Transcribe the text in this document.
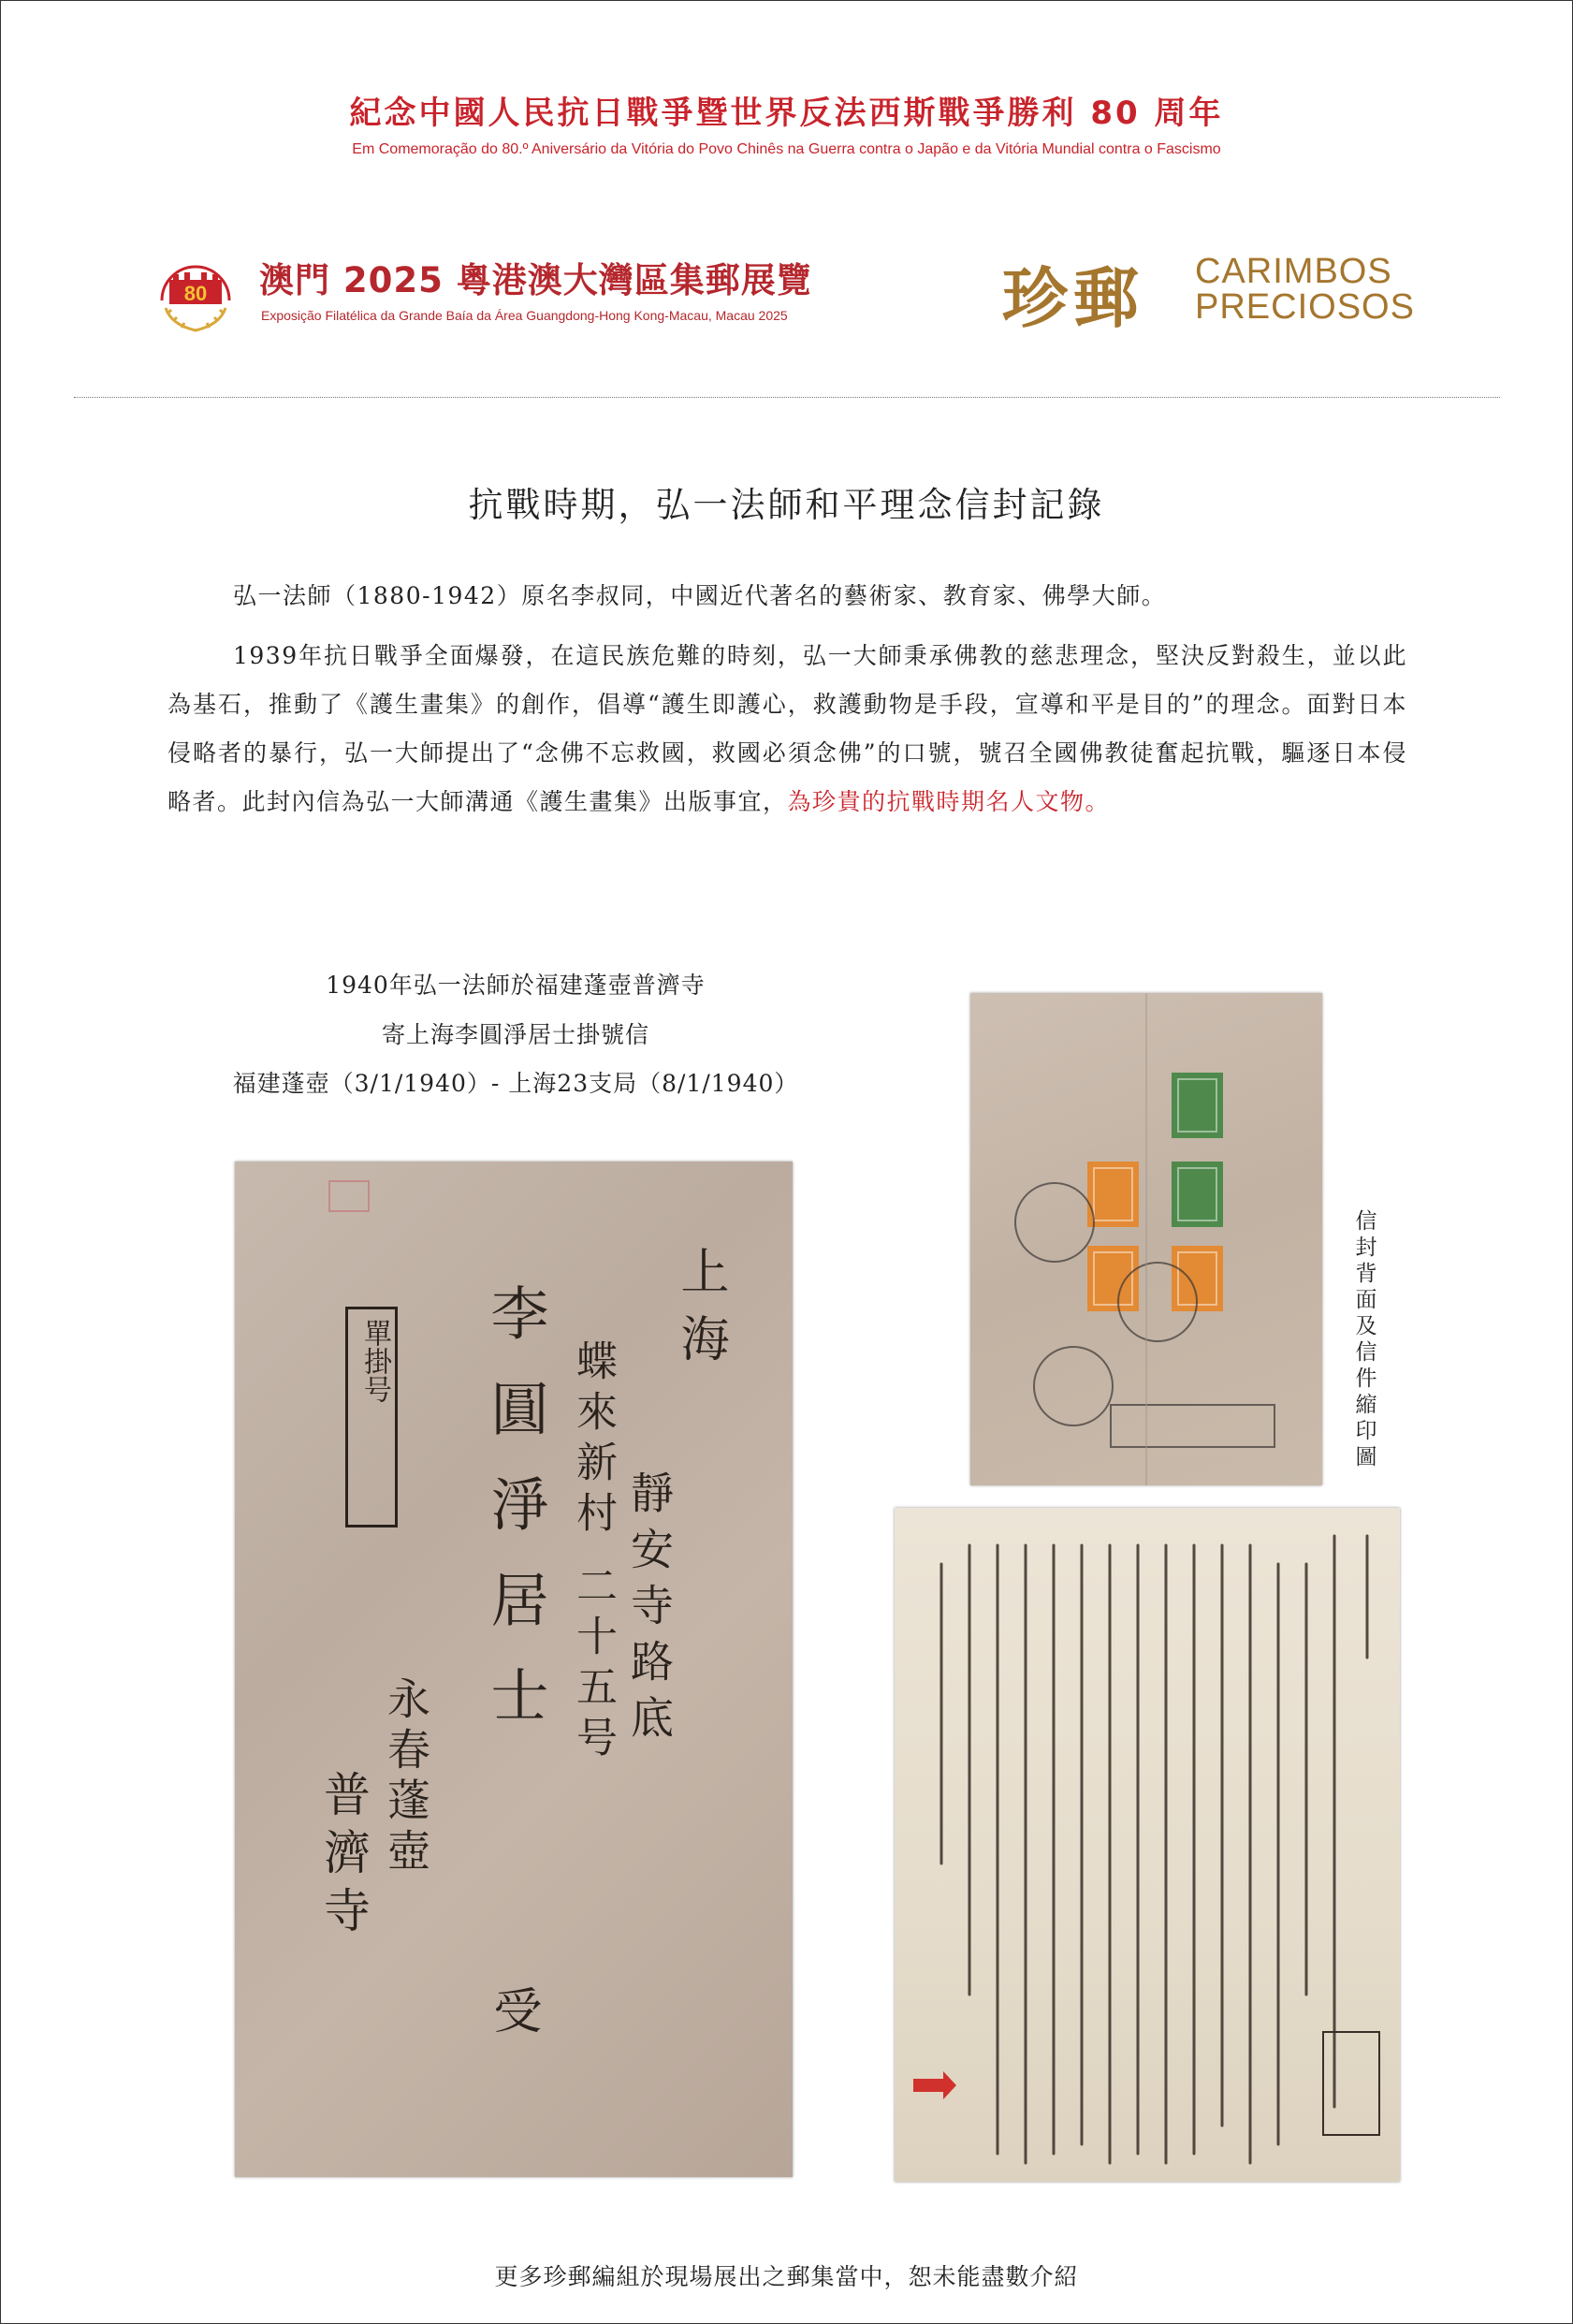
紀念中國人民抗日戰爭暨世界反法西斯戰爭勝利 80 周年
Em Comemoração do 80.º Aniversário da Vitória do Povo Chinês na Guerra contra o Japão e da Vitória Mundial contra o Fascismo
80 澳門 2025 粵港澳大灣區集郵展覽
Exposição Filatélica da Grande Baía da Área Guangdong-Hong Kong-Macau, Macau 2025	珍郵 CARIMBOS
PRECIOSOS
抗戰時期，弘一法師和平理念信封記錄
弘一法師（1880-1942）原名李叔同，中國近代著名的藝術家、教育家、佛學大師。
1939年抗日戰爭全面爆發，在這民族危難的時刻，弘一大師秉承佛教的慈悲理念，堅決反對殺生，並以此為基石，推動了《護生畫集》的創作，倡導“護生即護心，救護動物是手段，宣導和平是目的”的理念。面對日本侵略者的暴行，弘一大師提出了“念佛不忘救國，救國必須念佛”的口號，號召全國佛教徒奮起抗戰，驅逐日本侵略者。此封內信為弘一大師溝通《護生畫集》出版事宜，為珍貴的抗戰時期名人文物。
1940年弘一法師於福建蓬壺普濟寺
寄上海李圓淨居士掛號信
福建蓬壺（3/1/1940）- 上海23支局（8/1/1940）
單掛号	上海
靜安寺路底
蝶來新村 二十五号
李圓淨居士
受
永春蓬壺
普濟寺
信封背面及信件縮印圖
更多珍郵編組於現場展出之郵集當中，恕未能盡數介紹
